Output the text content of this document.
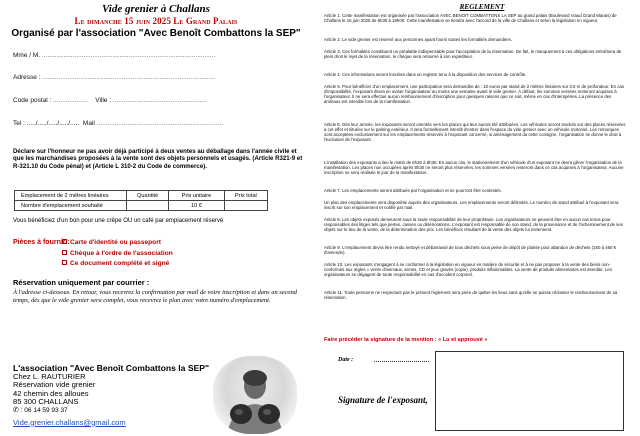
Vide grenier à Challans
Le dimanche 15 juin 2025 Le Grand Palais
Organisé par l'association "Avec Benoît Combattons la SEP"
Mme / M. ................................................................................................
Adresse : ................................................................................................
Code postal : ................... Ville : ....................................................
Tel : ...../...../...../...../..... Mail ......................................................................
Déclare sur l'honneur ne pas avoir déjà participé à deux ventes au déballage dans l'année civile et que les marchandises proposées à la vente sont des objets personnels et usagés. (Article R321-9 et R-321.10 du Code pénal) et (Article L 310-2 du Code de commerce).
Emplacement de 2 mètres linéaires	Quantité	Prix unitaire	Prix total
Nombre d'emplacement souhaité		10 €	
Vous bénéficiez d'un bon pour une crêpe OU un café par emplacement réservé
Pièces à fournir : Carte d'identité ou passeport
Chèque à l'ordre de l'association
Ce document complété et signé
Réservation uniquement par courrier :
À l'adresse ci-dessous. En retour, vous recevrez la confirmation par mail de votre inscription et dans un second temps, dès que le vide grenier sera complet, vous recevrez le plan avec votre numéro d'emplacement.
L'association "Avec Benoît Combattons la SEP"
Chez L. RAUTURIER
Réservation vide grenier
42 chemin des alloues
85 300 CHALLANS
✆ : 06 14 59 93 37
Vide.grenier.challans@gmail.com
REGLEMENT
Article 1. Cette manifestation est organisée par l'association AVEC BENOIT COMBATTONS LA SEP au grand palais (Boulevard Viaud Grand Marais) de Challans le 15 juin 2025 de 6h30 à 18h00. Cette manifestation se tiendra avec l'accord de la ville de Challans et selon la législation en vigueur.
Article 2. Le vide grenier est réservé aux personnes ayant fourni toutes les formalités demandées.
Article 3. Ces formalités constituent un préalable indispensable pour l'acceptation de la réservation. De fait, le manquement à ces obligations entraînera de plein droit le rejet de la réservation, le chèque sera retourné à son expéditeur.
Article 4. Ces informations seront inscrites dans un registre tenu à la disposition des services de contrôle.
Article 5. Pour bénéficier d'un emplacement, une participation sera demandée de : 10 euros par stand de 2 mètres linéaires sur 3.5 m de profondeur. En cas d'impossibilité, l'exposant devra en aviser l'organisateur au moins une semaine avant le vide grenier. À défaut, les sommes versées resteront acquises à l'organisateur. Il ne sera effectué aucun remboursement d'inscription pour quelques raisons que ce soit, même en cas d'intempéries. La présence des animaux est interdite lors de la manifestation.
Article 6. Dès leur arrivée, les exposants seront orientés vers les places qui leur auront été attribuées. Les véhicules seront stockés sur des places réservées à cet effet et situées sur le parking extérieur. Il sera formellement interdit d'entrer dans l'espace du vide grenier avec un véhicule motorisé. Les remorques sont acceptées exclusivement sur les emplacements réservés à l'exposant concerné, si aménagement du cette consigne, l'organisation se donne le droit à l'exclusion de l'exposant.
L'installation des exposants a lieu le matin de 6h30 à 8h30. En aucun cas, le stationnement d'un véhicule d'un exposant ne devra gêner l'organisation de la manifestation. Les places non occupées après 8h30 ne seront plus réservées, les sommes versées resteront dans ce cas acquises à l'organisateur. Aucune inscription ne sera réalisée le jour de la manifestation.
Article 7. Les emplacements seront attribués par l'organisation et ne pourront être contestés.
Un plan des emplacements sera disponible auprès des organisateurs. Les emplacements seront délimités. Le numéro de stand attribué à l'exposant sera inscrit sur son emplacement et notifié par mail.
Article 8. Les objets exposés demeurent sous la seule responsabilité de leur propriétaire. Les organisateurs ne peuvent être en aucun cas tenus pour responsables des litiges tels que pertes, casses ou détériorations. L'exposant est responsable de son stand, de la provenance et de l'acheminement de ses objets sur le lieu de la vente, de la détermination des prix. Les bénéfices résultant de la vente des objets lui reviennent.
Article 9. L'emplacement devra être rendu nettoyé et débarrassé de tous déchets sous peine de dépôt de plainte pour abandon de déchets (150 à 450 € d'amende).
Article 10. Les exposants s'engagent à se conformer à la législation en vigueur en matière de sécurité et à ne pas proposer à la vente des biens non-conformes aux règles « vente d'animaux, armes, CD et jeux gravés (copie), produits inflammables. La vente de produits alimentaires est interdite. Les organisateurs se dégagent de toute responsabilité en cas d'accident corporel.
Article 11. Toute personne ne respectant pas le présent règlement sera priée de quitter les lieux sans qu'elle ne puisse réclamer le remboursement de sa réservation.
Faire précéder la signature de la mention : « Lu et approuvé »
Date :
Signature de l'exposant,
